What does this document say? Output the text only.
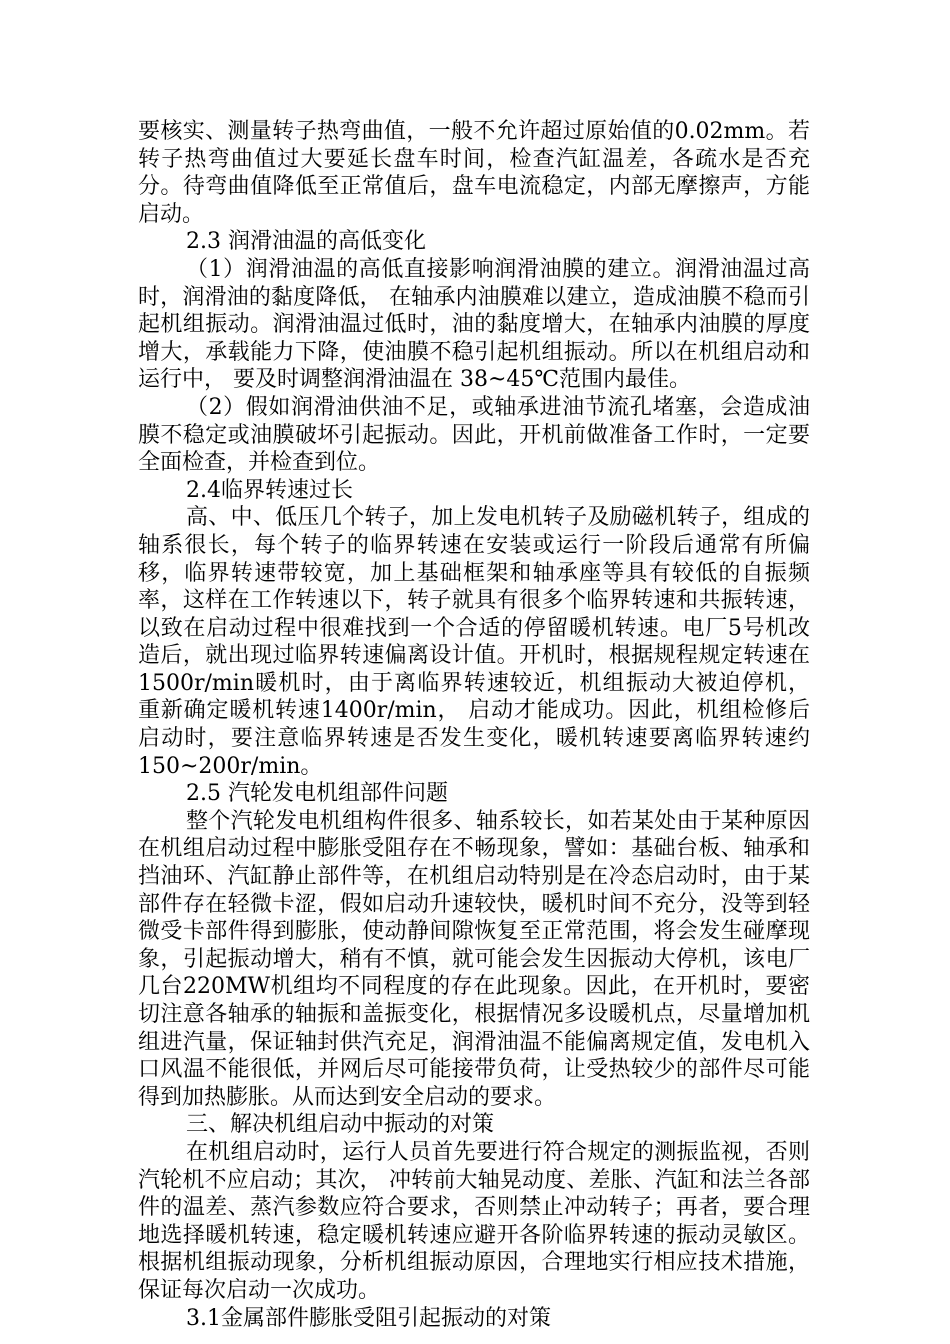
要核实、测量转子热弯曲值，一般不允许超过原始值的0.02mm。若转子热弯曲值过大要延长盘车时间，检查汽缸温差，各疏水是否充分。待弯曲值降低至正常值后，盘车电流稳定，内部无摩擦声，方能启动。

2.3 润滑油温的高低变化

（1）润滑油温的高低直接影响润滑油膜的建立。润滑油温过高时，润滑油的黏度降低， 在轴承内油膜难以建立，造成油膜不稳而引起机组振动。润滑油温过低时，油的黏度增大，在轴承内油膜的厚度增大，承载能力下降，使油膜不稳引起机组振动。所以在机组启动和运行中， 要及时调整润滑油温在 38~45℃范围内最佳。

（2）假如润滑油供油不足，或轴承进油节流孔堵塞，会造成油膜不稳定或油膜破坏引起振动。因此，开机前做准备工作时，一定要全面检查，并检查到位。

2.4临界转速过长

高、中、低压几个转子，加上发电机转子及励磁机转子，组成的轴系很长，每个转子的临界转速在安装或运行一阶段后通常有所偏移，临界转速带较宽，加上基础框架和轴承座等具有较低的自振频率，这样在工作转速以下，转子就具有很多个临界转速和共振转速，以致在启动过程中很难找到一个合适的停留暖机转速。电厂5号机改造后，就出现过临界转速偏离设计值。开机时，根据规程规定转速在1500r/min暖机时，由于离临界转速较近，机组振动大被迫停机， 重新确定暖机转速1400r/min， 启动才能成功。因此，机组检修后启动时，要注意临界转速是否发生变化，暖机转速要离临界转速约150~200r/min。

2.5 汽轮发电机组部件问题

整个汽轮发电机组构件很多、轴系较长，如若某处由于某种原因在机组启动过程中膨胀受阻存在不畅现象，譬如：基础台板、轴承和挡油环、汽缸静止部件等，在机组启动特别是在冷态启动时，由于某部件存在轻微卡涩，假如启动升速较快，暖机时间不充分，没等到轻微受卡部件得到膨胀，使动静间隙恢复至正常范围，将会发生碰摩现象，引起振动增大，稍有不慎，就可能会发生因振动大停机，该电厂几台220MW机组均不同程度的存在此现象。因此，在开机时，要密切注意各轴承的轴振和盖振变化，根据情况多设暖机点，尽量增加机组进汽量，保证轴封供汽充足，润滑油温不能偏离规定值，发电机入口风温不能很低，并网后尽可能接带负荷，让受热较少的部件尽可能得到加热膨胀。从而达到安全启动的要求。

三、解决机组启动中振动的对策

在机组启动时，运行人员首先要进行符合规定的测振监视，否则汽轮机不应启动；其次， 冲转前大轴晃动度、差胀、汽缸和法兰各部件的温差、蒸汽参数应符合要求，否则禁止冲动转子；再者，要合理地选择暖机转速，稳定暖机转速应避开各阶临界转速的振动灵敏区。根据机组振动现象，分析机组振动原因，合理地实行相应技术措施，保证每次启动一次成功。

3.1金属部件膨胀受阻引起振动的对策
